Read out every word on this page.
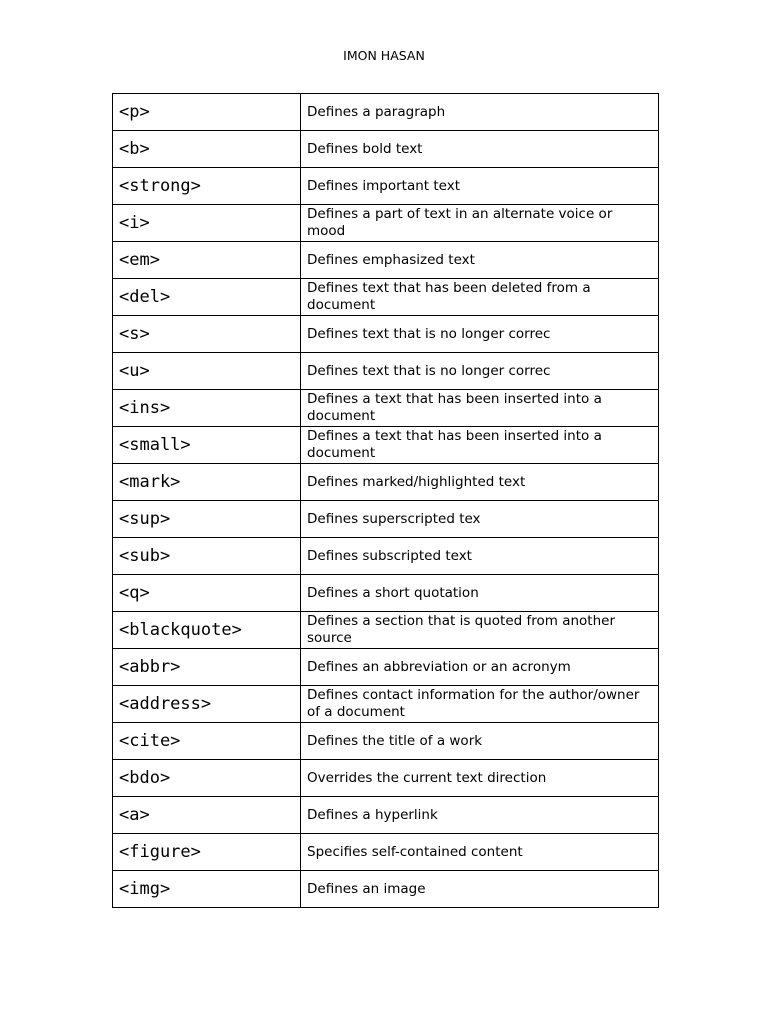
IMON HASAN
<p>	Defines a paragraph
<b>	Defines bold text
<strong>	Defines important text
<i>	Defines a part of text in an alternate voice or mood
<em>	Defines emphasized text
<del>	Defines text that has been deleted from a document
<s>	Defines text that is no longer correc
<u>	Defines text that is no longer correc
<ins>	Defines a text that has been inserted into a document
<small>	Defines a text that has been inserted into a document
<mark>	Defines marked/highlighted text
<sup>	Defines superscripted tex
<sub>	Defines subscripted text
<q>	Defines a short quotation
<blackquote>	Defines a section that is quoted from another source
<abbr>	Defines an abbreviation or an acronym
<address>	Defines contact information for the author/owner of a document
<cite>	Defines the title of a work
<bdo>	Overrides the current text direction
<a>	Defines a hyperlink
<figure>	Specifies self-contained content
<img>	Defines an image
